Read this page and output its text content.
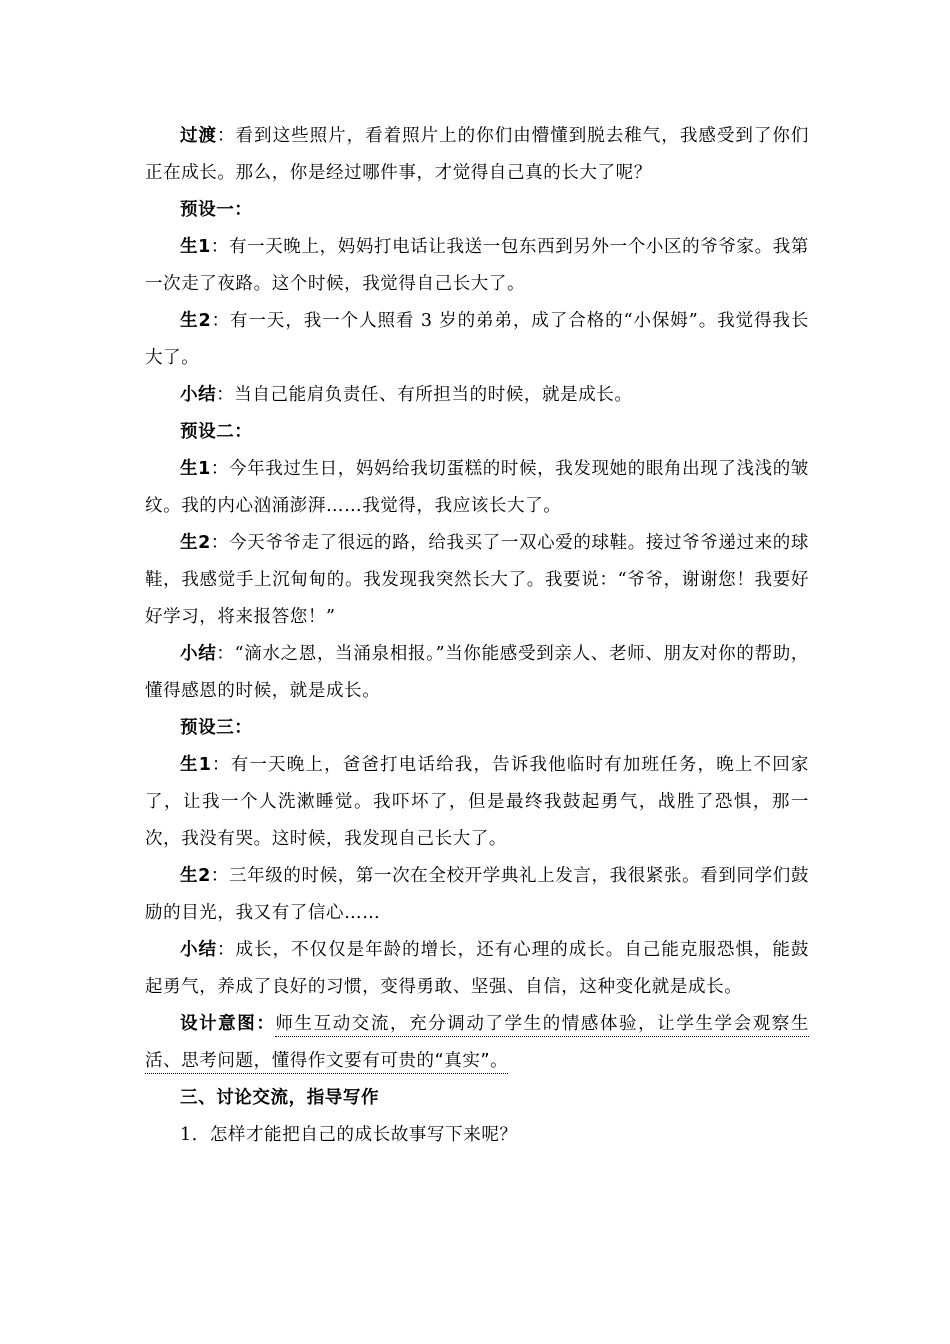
过渡：看到这些照片，看着照片上的你们由懵懂到脱去稚气，我感受到了你们正在成长。那么，你是经过哪件事，才觉得自己真的长大了呢？

预设一：

生1：有一天晚上，妈妈打电话让我送一包东西到另外一个小区的爷爷家。我第一次走了夜路。这个时候，我觉得自己长大了。

生2：有一天，我一个人照看 3 岁的弟弟，成了合格的“小保姆”。我觉得我长大了。

小结：当自己能肩负责任、有所担当的时候，就是成长。

预设二：

生1：今年我过生日，妈妈给我切蛋糕的时候，我发现她的眼角出现了浅浅的皱纹。我的内心汹涌澎湃……我觉得，我应该长大了。

生2：今天爷爷走了很远的路，给我买了一双心爱的球鞋。接过爷爷递过来的球鞋，我感觉手上沉甸甸的。我发现我突然长大了。我要说：“爷爷，谢谢您！我要好好学习，将来报答您！”

小结：“滴水之恩，当涌泉相报。”当你能感受到亲人、老师、朋友对你的帮助，懂得感恩的时候，就是成长。

预设三：

生1：有一天晚上，爸爸打电话给我，告诉我他临时有加班任务，晚上不回家了，让我一个人洗漱睡觉。我吓坏了，但是最终我鼓起勇气，战胜了恐惧，那一次，我没有哭。这时候，我发现自己长大了。

生2：三年级的时候，第一次在全校开学典礼上发言，我很紧张。看到同学们鼓励的目光，我又有了信心……

小结：成长，不仅仅是年龄的增长，还有心理的成长。自己能克服恐惧，能鼓起勇气，养成了良好的习惯，变得勇敢、坚强、自信，这种变化就是成长。

设计意图：师生互动交流，充分调动了学生的情感体验，让学生学会观察生活、思考问题，懂得作文要有可贵的“真实”。

三、讨论交流，指导写作

1．怎样才能把自己的成长故事写下来呢？
